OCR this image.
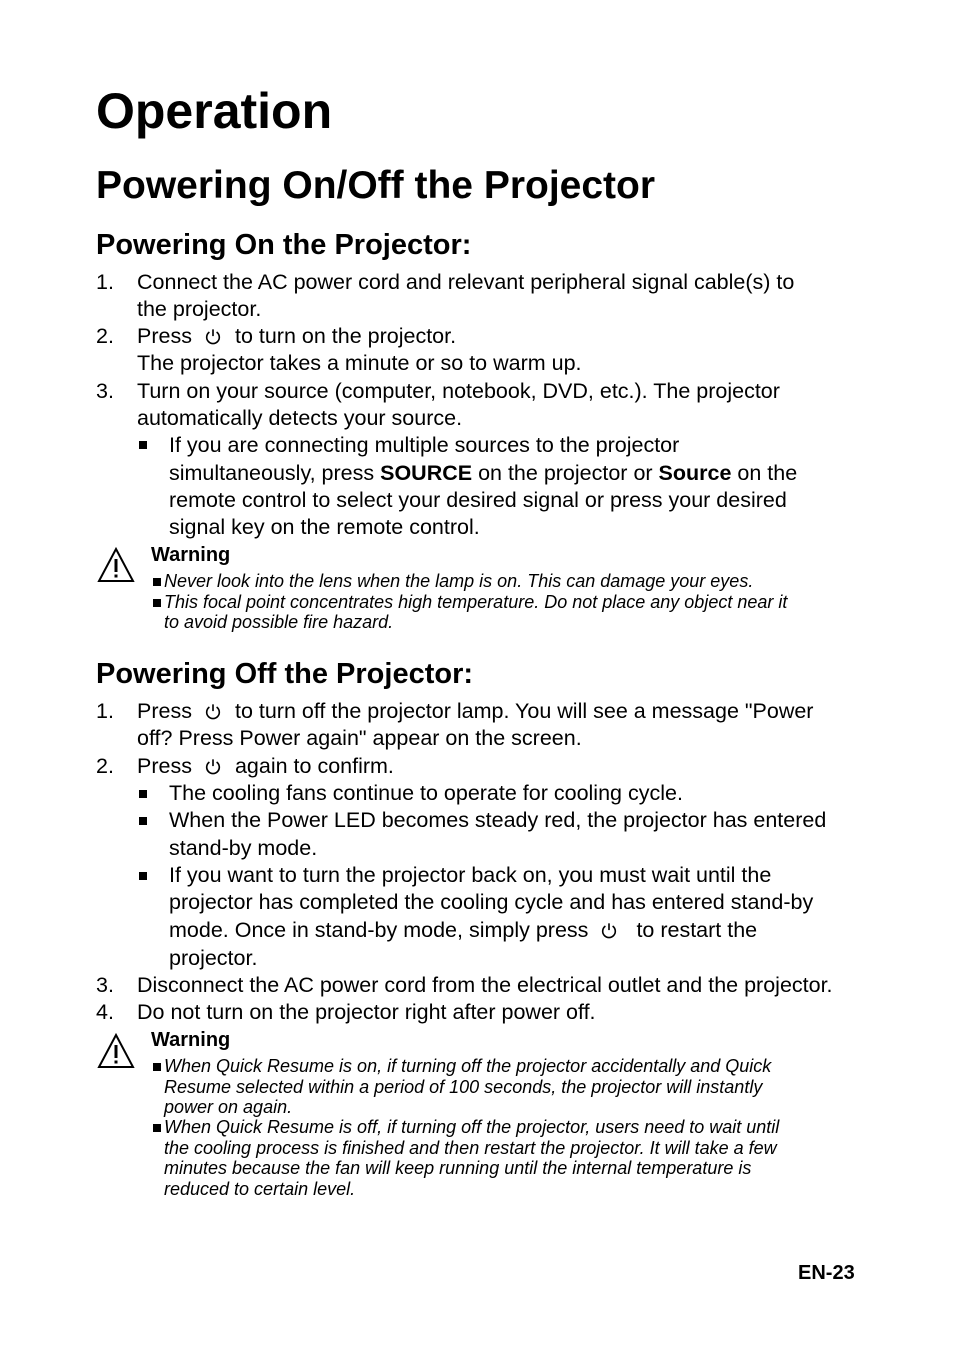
Operation
Powering On/Off the Projector
Powering On the Projector:
1. Connect the AC power cord and relevant peripheral signal cable(s) to
the projector.
2. Press to turn on the projector.
The projector takes a minute or so to warm up.
3. Turn on your source (computer, notebook, DVD, etc.). The projector
automatically detects your source.
If you are connecting multiple sources to the projector
simultaneously, press SOURCE on the projector or Source on the
remote control to select your desired signal or press your desired
signal key on the remote control.
Warning
Never look into the lens when the lamp is on. This can damage your eyes.
This focal point concentrates high temperature. Do not place any object near it
to avoid possible fire hazard.
Powering Off the Projector:
1. Press to turn off the projector lamp. You will see a message "Power
off? Press Power again" appear on the screen.
2. Press again to confirm.
The cooling fans continue to operate for cooling cycle.
When the Power LED becomes steady red, the projector has entered
stand-by mode.
If you want to turn the projector back on, you must wait until the
projector has completed the cooling cycle and has entered stand-by
mode. Once in stand-by mode, simply press to restart the
projector.
3. Disconnect the AC power cord from the electrical outlet and the projector.
4. Do not turn on the projector right after power off.
Warning
When Quick Resume is on, if turning off the projector accidentally and Quick
Resume selected within a period of 100 seconds, the projector will instantly
power on again.
When Quick Resume is off, if turning off the projector, users need to wait until
the cooling process is finished and then restart the projector. It will take a few
minutes because the fan will keep running until the internal temperature is
reduced to certain level.
EN-23
